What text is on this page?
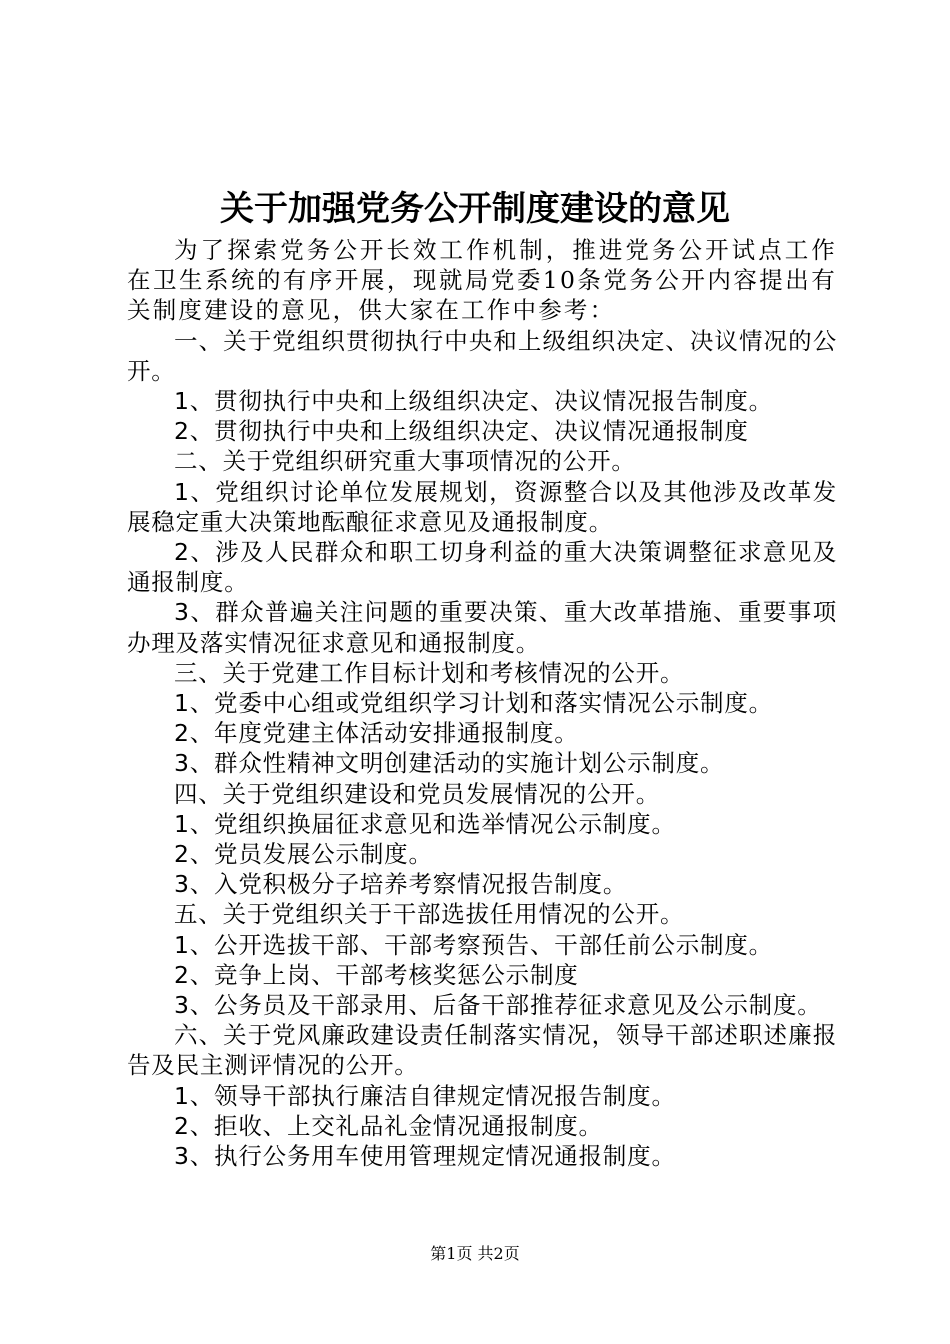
关于加强党务公开制度建设的意见

为了探索党务公开长效工作机制，推进党务公开试点工作在卫生系统的有序开展，现就局党委10条党务公开内容提出有关制度建设的意见，供大家在工作中参考：

一、关于党组织贯彻执行中央和上级组织决定、决议情况的公开。

1、贯彻执行中央和上级组织决定、决议情况报告制度。

2、贯彻执行中央和上级组织决定、决议情况通报制度

二、关于党组织研究重大事项情况的公开。

1、党组织讨论单位发展规划，资源整合以及其他涉及改革发展稳定重大决策地酝酿征求意见及通报制度。

2、涉及人民群众和职工切身利益的重大决策调整征求意见及通报制度。

3、群众普遍关注问题的重要决策、重大改革措施、重要事项办理及落实情况征求意见和通报制度。

三、关于党建工作目标计划和考核情况的公开。

1、党委中心组或党组织学习计划和落实情况公示制度。

2、年度党建主体活动安排通报制度。

3、群众性精神文明创建活动的实施计划公示制度。

四、关于党组织建设和党员发展情况的公开。

1、党组织换届征求意见和选举情况公示制度。

2、党员发展公示制度。

3、入党积极分子培养考察情况报告制度。

五、关于党组织关于干部选拔任用情况的公开。

1、公开选拔干部、干部考察预告、干部任前公示制度。

2、竞争上岗、干部考核奖惩公示制度

3、公务员及干部录用、后备干部推荐征求意见及公示制度。

六、关于党风廉政建设责任制落实情况，领导干部述职述廉报告及民主测评情况的公开。

1、领导干部执行廉洁自律规定情况报告制度。

2、拒收、上交礼品礼金情况通报制度。

3、执行公务用车使用管理规定情况通报制度。

第1页 共2页
